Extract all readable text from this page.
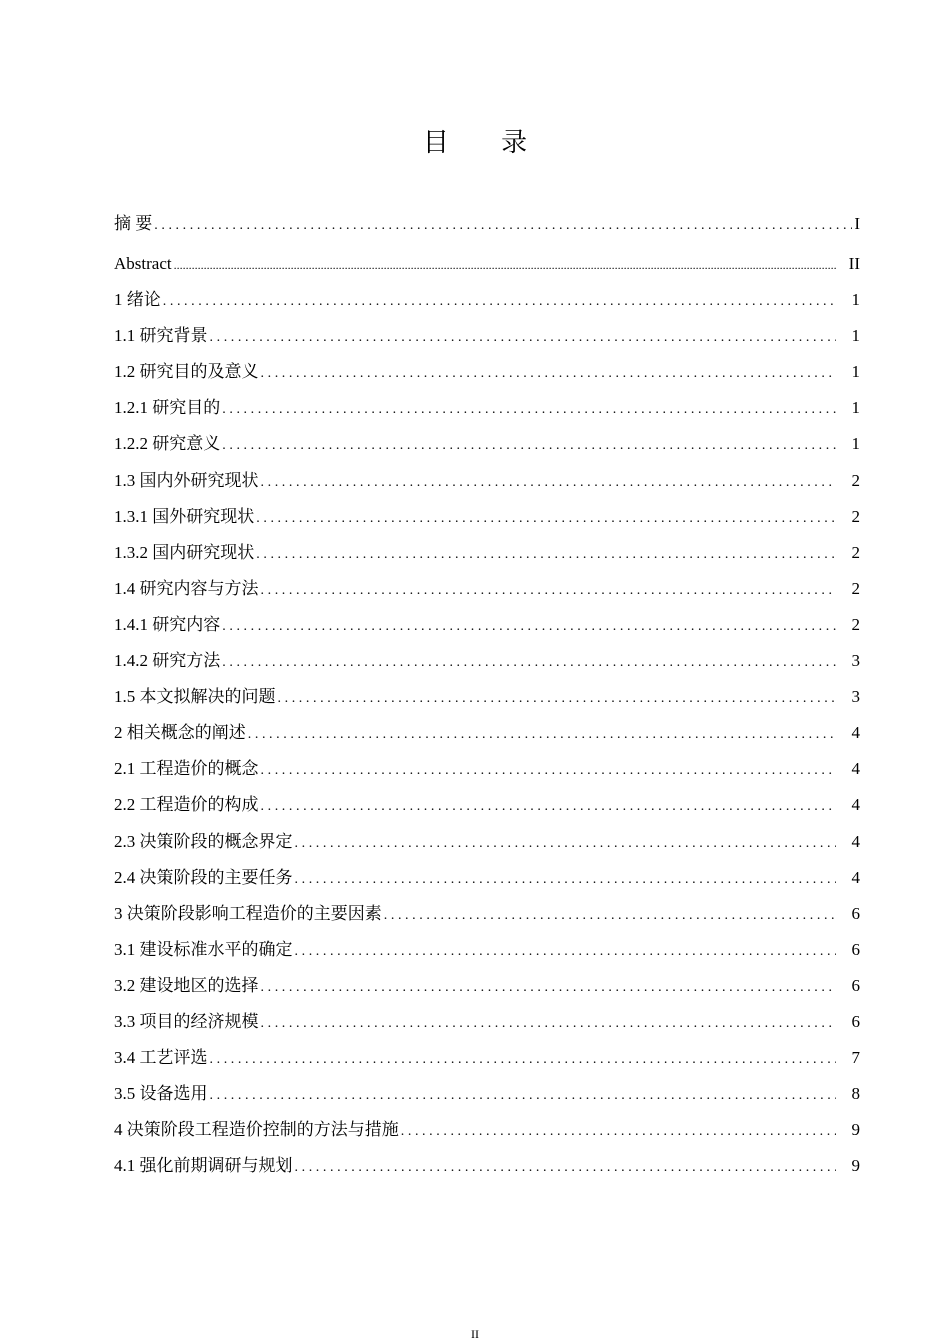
目 录
摘 要 .....	I
Abstract .....	II
1 绪论 .....	1
1.1 研究背景 .....	1
1.2 研究目的及意义 .....	1
1.2.1 研究目的 .....	1
1.2.2 研究意义 .....	1
1.3 国内外研究现状 .....	2
1.3.1 国外研究现状 .....	2
1.3.2 国内研究现状 .....	2
1.4 研究内容与方法 .....	2
1.4.1 研究内容 .....	2
1.4.2 研究方法 .....	3
1.5 本文拟解决的问题 .....	3
2 相关概念的阐述 .....	4
2.1 工程造价的概念 .....	4
2.2 工程造价的构成 .....	4
2.3 决策阶段的概念界定 .....	4
2.4 决策阶段的主要任务 .....	4
3 决策阶段影响工程造价的主要因素 .....	6
3.1 建设标准水平的确定 .....	6
3.2 建设地区的选择 .....	6
3.3 项目的经济规模 .....	6
3.4 工艺评选 .....	7
3.5 设备选用 .....	8
4 决策阶段工程造价控制的方法与措施 .....	9
4.1 强化前期调研与规划 .....	9
II
